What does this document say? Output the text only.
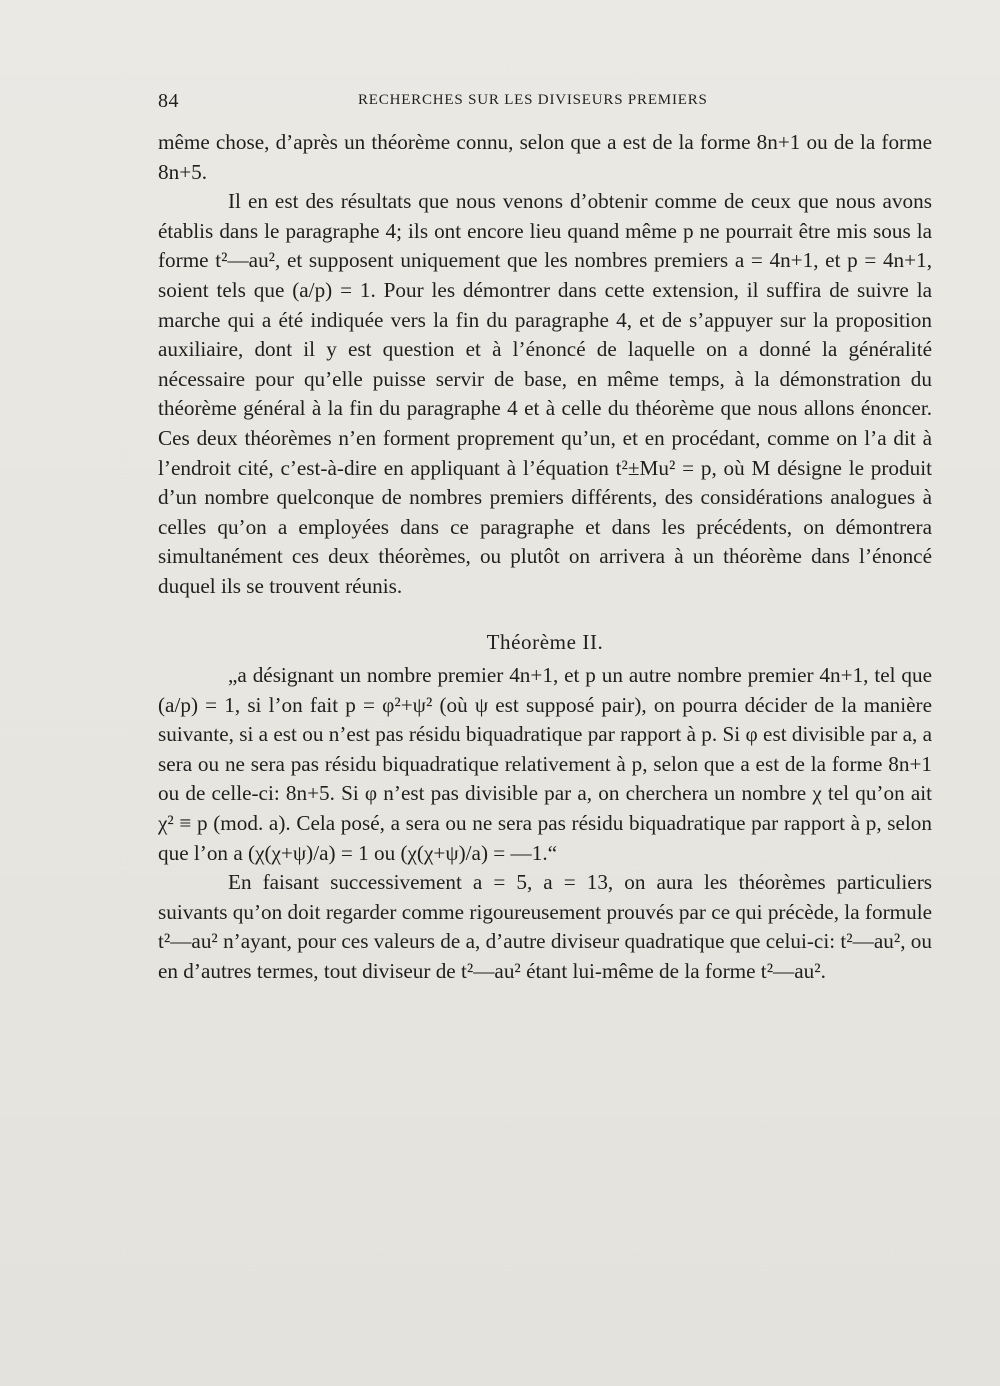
84	RECHERCHES SUR LES DIVISEURS PREMIERS

même chose, d’après un théorème connu, selon que a est de la forme 8n+1 ou de la forme 8n+5.

Il en est des résultats que nous venons d’obtenir comme de ceux que nous avons établis dans le paragraphe 4; ils ont encore lieu quand même p ne pourrait être mis sous la forme t²—au², et supposent uniquement que les nombres premiers a = 4n+1, et p = 4n+1, soient tels que (a/p) = 1. Pour les démontrer dans cette extension, il suffira de suivre la marche qui a été indiquée vers la fin du paragraphe 4, et de s’appuyer sur la proposition auxiliaire, dont il y est question et à l’énoncé de laquelle on a donné la généralité nécessaire pour qu’elle puisse servir de base, en même temps, à la démonstration du théorème général à la fin du paragraphe 4 et à celle du théorème que nous allons énoncer. Ces deux théorèmes n’en forment proprement qu’un, et en procédant, comme on l’a dit à l’endroit cité, c’est-à-dire en appliquant à l’équation t²±Mu² = p, où M désigne le produit d’un nombre quelconque de nombres premiers différents, des considérations analogues à celles qu’on a employées dans ce paragraphe et dans les précédents, on démontrera simultanément ces deux théorèmes, ou plutôt on arrivera à un théorème dans l’énoncé duquel ils se trouvent réunis.

Théorème II.

„a désignant un nombre premier 4n+1, et p un autre nombre premier 4n+1, tel que (a/p) = 1, si l’on fait p = φ²+ψ² (où ψ est supposé pair), on pourra décider de la manière suivante, si a est ou n’est pas résidu biquadratique par rapport à p. Si φ est divisible par a, a sera ou ne sera pas résidu biquadratique relativement à p, selon que a est de la forme 8n+1 ou de celle-ci: 8n+5. Si φ n’est pas divisible par a, on cherchera un nombre χ tel qu’on ait χ² ≡ p (mod. a). Cela posé, a sera ou ne sera pas résidu biquadratique par rapport à p, selon que l’on a (χ(χ+ψ)/a) = 1 ou (χ(χ+ψ)/a) = —1.“

En faisant successivement a = 5, a = 13, on aura les théorèmes particuliers suivants qu’on doit regarder comme rigoureusement prouvés par ce qui précède, la formule t²—au² n’ayant, pour ces valeurs de a, d’autre diviseur quadratique que celui-ci: t²—au², ou en d’autres termes, tout diviseur de t²—au² étant lui-même de la forme t²—au².
